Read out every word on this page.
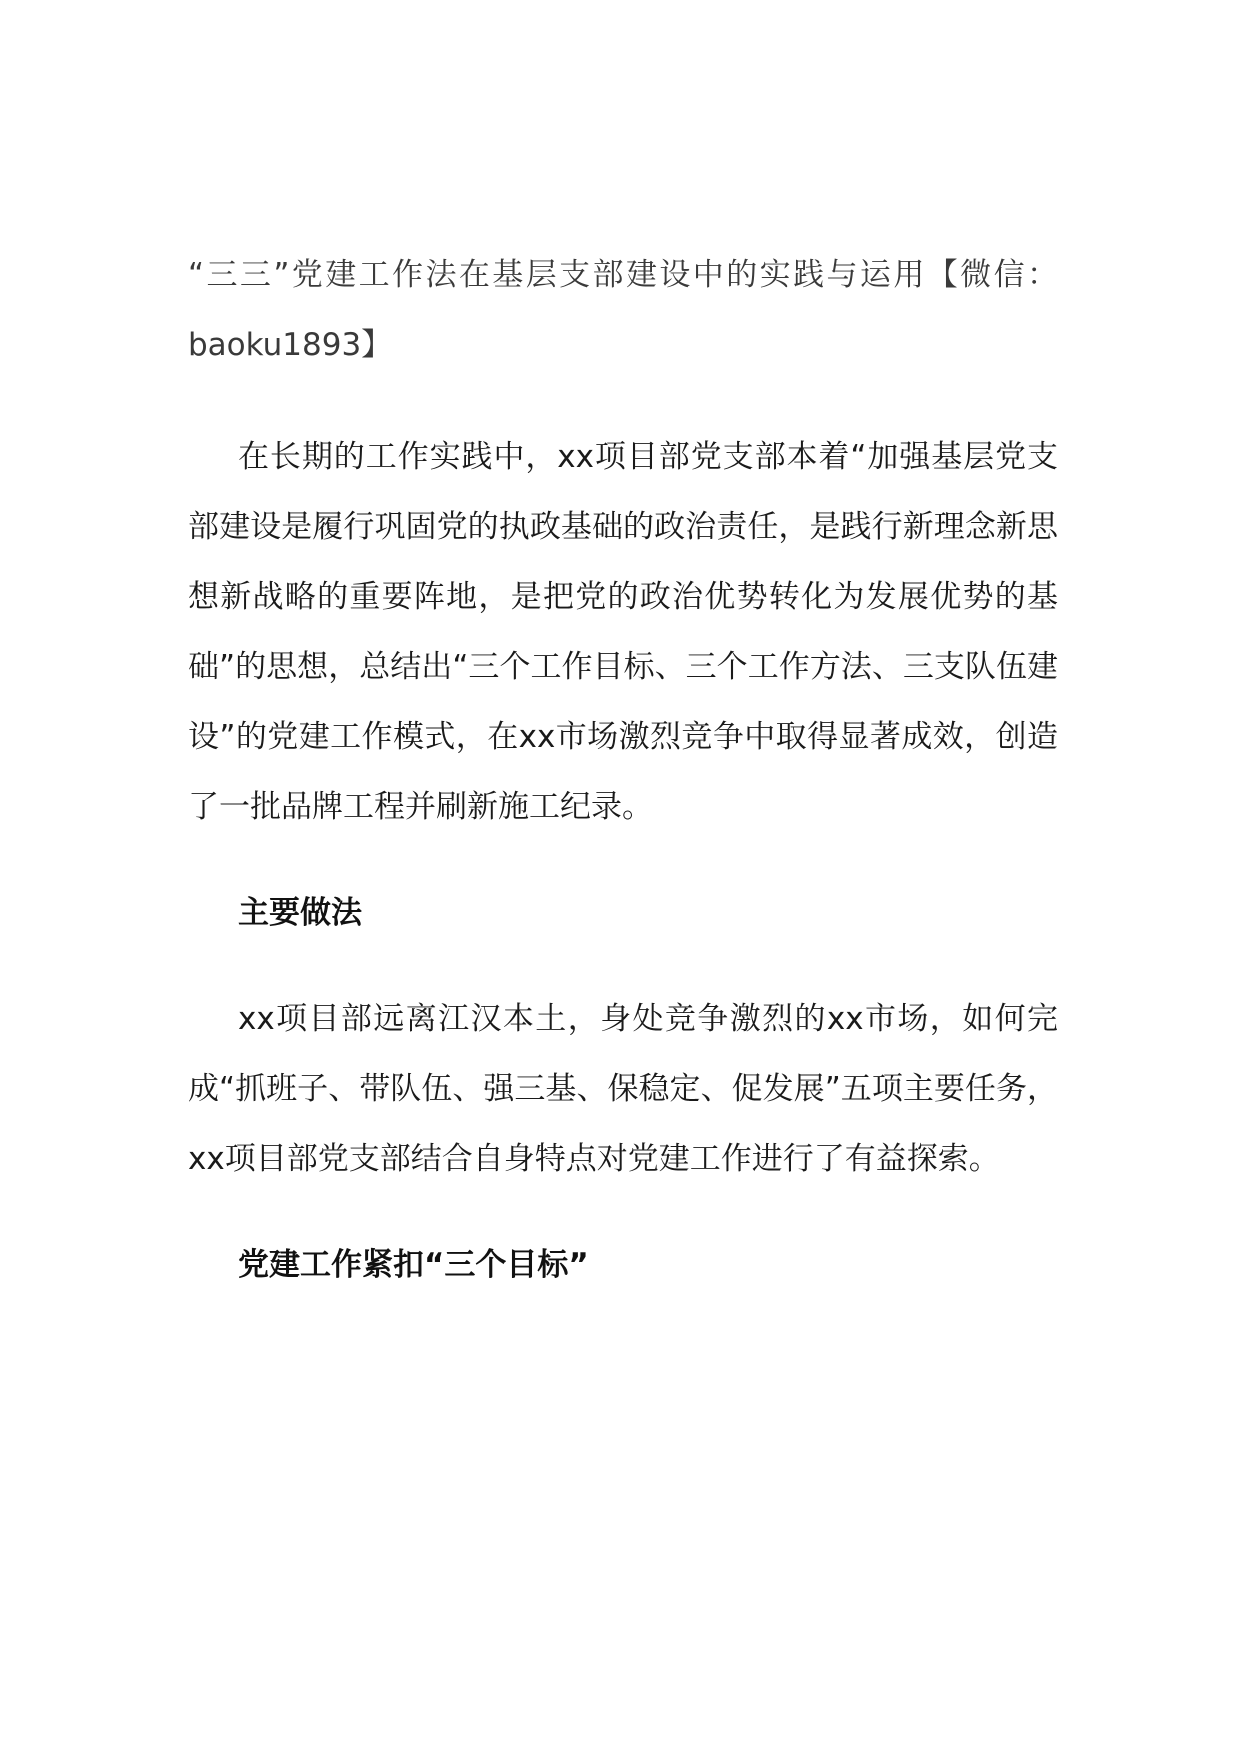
“三三”党建工作法在基层支部建设中的实践与运用【微信：baoku1893】

在长期的工作实践中，xx项目部党支部本着“加强基层党支部建设是履行巩固党的执政基础的政治责任，是践行新理念新思想新战略的重要阵地，是把党的政治优势转化为发展优势的基础”的思想，总结出“三个工作目标、三个工作方法、三支队伍建设”的党建工作模式，在xx市场激烈竞争中取得显著成效，创造了一批品牌工程并刷新施工纪录。

主要做法

xx项目部远离江汉本土，身处竞争激烈的xx市场，如何完成“抓班子、带队伍、强三基、保稳定、促发展”五项主要任务，xx项目部党支部结合自身特点对党建工作进行了有益探索。

党建工作紧扣“三个目标”
